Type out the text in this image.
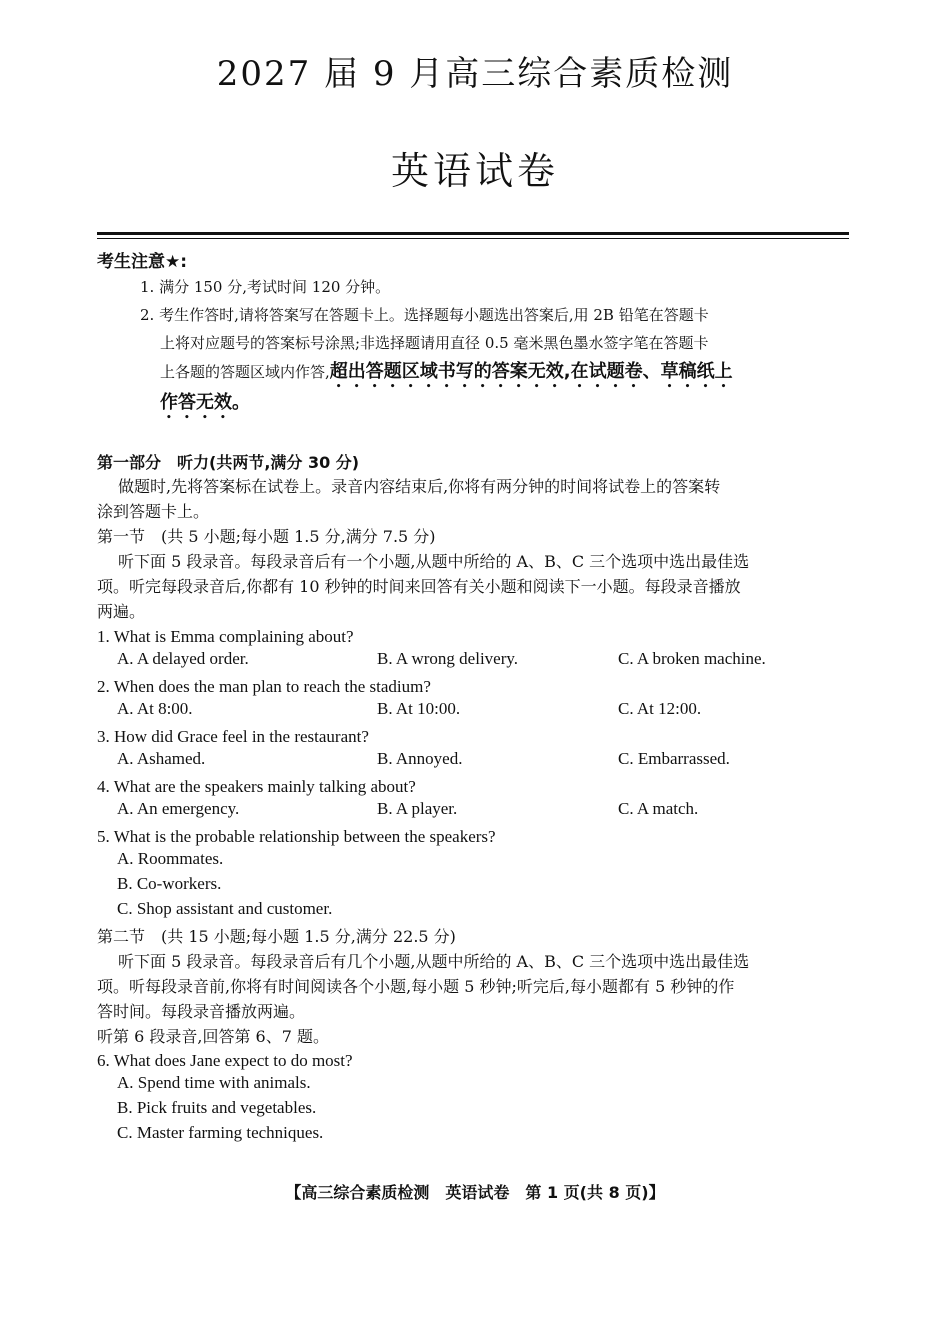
2027 届 9 月高三综合素质检测
英语试卷
考生注意★:
1. 满分 150 分,考试时间 120 分钟。
2. 考生作答时,请将答案写在答题卡上。选择题每小题选出答案后,用 2B 铅笔在答题卡
上将对应题号的答案标号涂黑;非选择题请用直径 0.5 毫米黑色墨水签字笔在答题卡
上各题的答题区域内作答,超出答题区域书写的答案无效,在试题卷、草稿纸上
作答无效。
第一部分　听力(共两节,满分 30 分)
做题时,先将答案标在试卷上。录音内容结束后,你将有两分钟的时间将试卷上的答案转
涂到答题卡上。
第一节　(共 5 小题;每小题 1.5 分,满分 7.5 分)
听下面 5 段录音。每段录音后有一个小题,从题中所给的 A、B、C 三个选项中选出最佳选
项。听完每段录音后,你都有 10 秒钟的时间来回答有关小题和阅读下一小题。每段录音播放
两遍。
1. What is Emma complaining about?
A. A delayed order.	B. A wrong delivery.	C. A broken machine.
2. When does the man plan to reach the stadium?
A. At 8:00.	B. At 10:00.	C. At 12:00.
3. How did Grace feel in the restaurant?
A. Ashamed.	B. Annoyed.	C. Embarrassed.
4. What are the speakers mainly talking about?
A. An emergency.	B. A player.	C. A match.
5. What is the probable relationship between the speakers?
A. Roommates.
B. Co-workers.
C. Shop assistant and customer.
第二节　(共 15 小题;每小题 1.5 分,满分 22.5 分)
听下面 5 段录音。每段录音后有几个小题,从题中所给的 A、B、C 三个选项中选出最佳选
项。听每段录音前,你将有时间阅读各个小题,每小题 5 秒钟;听完后,每小题都有 5 秒钟的作
答时间。每段录音播放两遍。
听第 6 段录音,回答第 6、7 题。
6. What does Jane expect to do most?
A. Spend time with animals.
B. Pick fruits and vegetables.
C. Master farming techniques.
【高三综合素质检测　英语试卷　第 1 页(共 8 页)】
